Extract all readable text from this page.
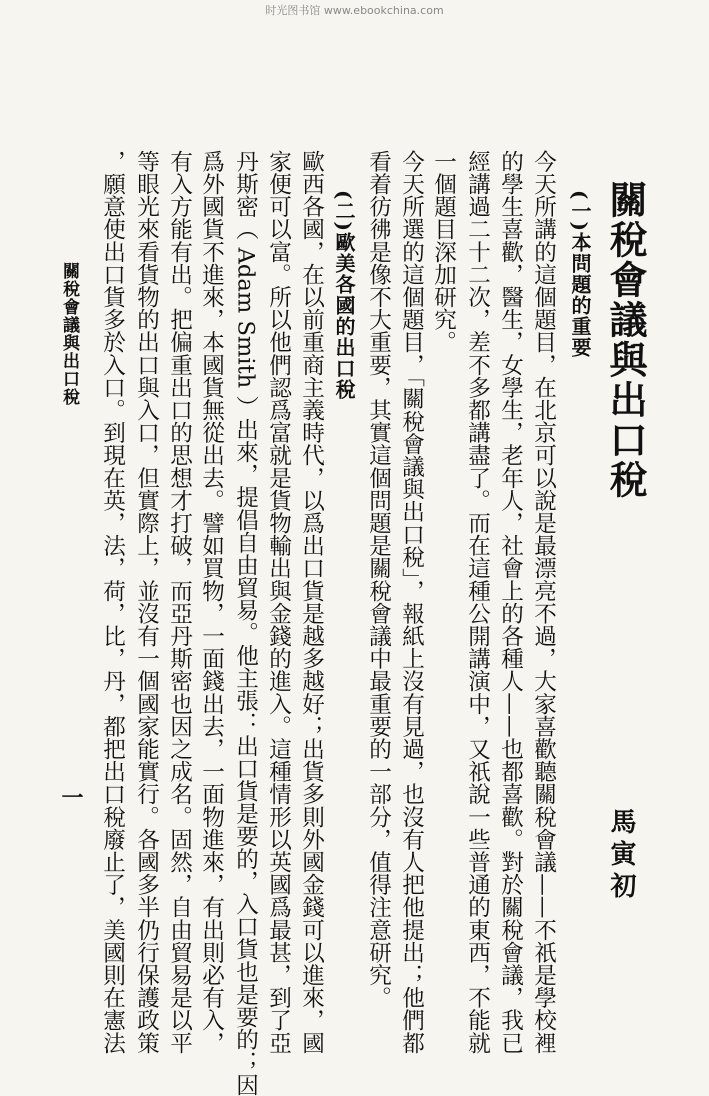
时光图书馆 www.ebookchina.com
關稅會議與出口稅
馬寅初
(一)本問題的重要
今天所講的這個題目，在北京可以說是最漂亮不過，大家喜歡聽關稅會議——不祇是學校裡
的學生喜歡，醫生，女學生，老年人，社會上的各種人——也都喜歡。對於關稅會議，我已
經講過二十二次，差不多都講盡了。而在這種公開講演中，又祇說一些普通的東西，不能就
一個題目深加研究。
今天所選的這個題目，「關稅會議與出口稅」，報紙上沒有見過，也沒有人把他提出；他們都
看着彷彿是像不大重要，其實這個問題是關稅會議中最重要的一部分，值得注意研究。
(二)歐美各國的出口稅
歐西各國，在以前重商主義時代，以爲出口貨是越多越好；出貨多則外國金錢可以進來，國
家便可以富。所以他們認爲富就是貨物輸出與金錢的進入。這種情形以英國爲最甚，到了亞
丹斯密（ Adam Smith ）出來，提倡自由貿易。他主張：出口貨是要的，入口貨也是要的；因
爲外國貨不進來，本國貨無從出去。譬如買物，一面錢出去，一面物進來，有出則必有入，
有入方能有出。把偏重出口的思想才打破，而亞丹斯密也因之成名。固然，自由貿易是以平
等眼光來看貨物的出口與入口，但實際上，並沒有一個國家能實行。各國多半仍行保護政策
，願意使出口貨多於入口。到現在英，法，荷，比，丹，都把出口稅廢止了，美國則在憲法
關稅會議與出口稅
一
